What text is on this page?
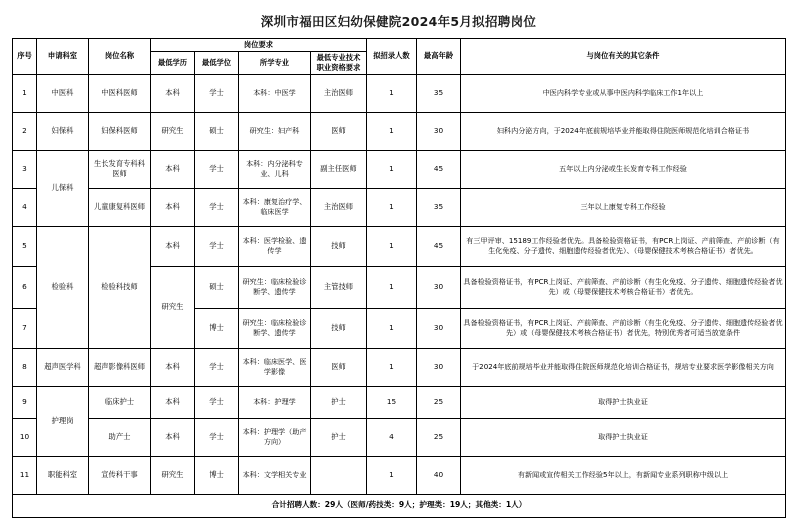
深圳市福田区妇幼保健院2024年5月拟招聘岗位
序号	申请科室	岗位名称	岗位要求				拟招录人数	最高年龄	与岗位有关的其它条件
			最低学历	最低学位	所学专业	最低专业技术职业资格要求			
1	中医科	中医科医师	本科	学士	本科：中医学	主治医师	1	35	中医内科学专业或从事中医内科学临床工作1年以上
2	妇保科	妇保科医师	研究生	硕士	研究生：妇产科	医师	1	30	妇科内分泌方向，于2024年底前规培毕业并能取得住院医师规范化培训合格证书
3	儿保科	生长发育专科科医师	本科	学士	本科：内分泌科专业、儿科	副主任医师	1	45	五年以上内分泌或生长发育专科工作经验
4		儿童康复科医师	本科	学士	本科：康复治疗学、临床医学	主治医师	1	35	三年以上康复专科工作经验
5	检验科	检验科技师	本科	学士	本科：医学检验、遗传学	技师	1	45	有三甲评审、15189工作经验者优先。具备检验资格证书，有PCR上岗证、产前筛查、产前诊断（有生化免疫、分子遗传、细胞遗传经验者优先）、（母婴保健技术考核合格证书）者优先。
6			研究生	硕士	研究生：临床检验诊断学、遗传学	主管技师	1	30	具备检验资格证书，有PCR上岗证、产前筛查、产前诊断（有生化免疫、分子遗传、细胞遗传经验者优先）或（母婴保健技术考核合格证书）者优先。
7				博士	研究生：临床检验诊断学、遗传学	技师	1	30	具备检验资格证书，有PCR上岗证、产前筛查、产前诊断（有生化免疫、分子遗传、细胞遗传经验者优先）或（母婴保健技术考核合格证书）者优先，特别优秀者可适当放宽条件
8	超声医学科	超声影像科医师	本科	学士	本科：临床医学、医学影像	医师	1	30	于2024年底前规培毕业并能取得住院医师规范化培训合格证书，规培专业要求医学影像相关方向
9	护理岗	临床护士	本科	学士	本科：护理学	护士	15	25	取得护士执业证
10		助产士	本科	学士	本科：护理学（助产方向）	护士	4	25	取得护士执业证
11	职能科室	宣传科干事	研究生	博士	本科：文学相关专业		1	40	有新闻或宣传相关工作经验5年以上，有新闻专业系列职称中级以上
合计招聘人数：29人（医师/药技类：9人；护理类：19人；其他类：1人）									
